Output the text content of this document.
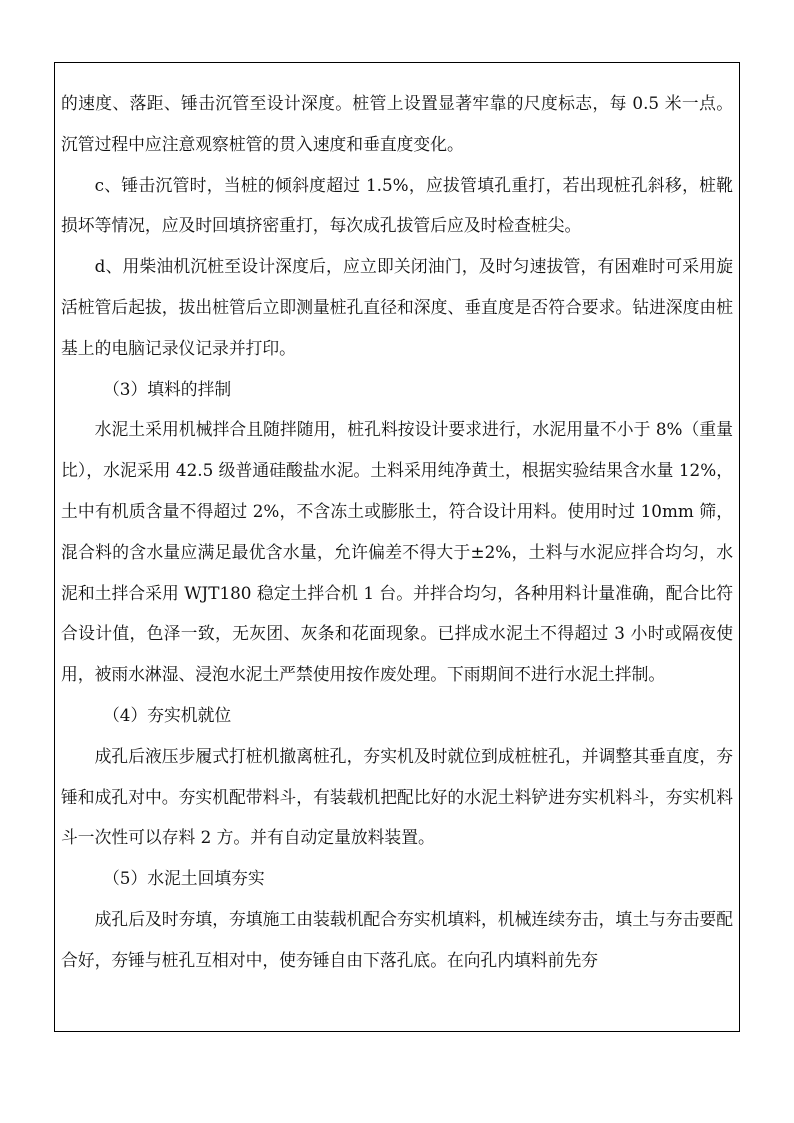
的速度、落距、锤击沉管至设计深度。桩管上设置显著牢靠的尺度标志，每 0.5 米一点。沉管过程中应注意观察桩管的贯入速度和垂直度变化。

c、锤击沉管时，当桩的倾斜度超过 1.5%，应拔管填孔重打，若出现桩孔斜移，桩靴损坏等情况，应及时回填挤密重打，每次成孔拔管后应及时检查桩尖。

d、用柴油机沉桩至设计深度后，应立即关闭油门，及时匀速拔管，有困难时可采用旋活桩管后起拔，拔出桩管后立即测量桩孔直径和深度、垂直度是否符合要求。钻进深度由桩基上的电脑记录仪记录并打印。

（3）填料的拌制

水泥土采用机械拌合且随拌随用，桩孔料按设计要求进行，水泥用量不小于 8%（重量比），水泥采用 42.5 级普通硅酸盐水泥。土料采用纯净黄土，根据实验结果含水量 12%，土中有机质含量不得超过 2%，不含冻土或膨胀土，符合设计用料。使用时过 10mm 筛，混合料的含水量应满足最优含水量，允许偏差不得大于±2%，土料与水泥应拌合均匀，水泥和土拌合采用 WJT180 稳定土拌合机 1 台。并拌合均匀，各种用料计量准确，配合比符合设计值，色泽一致，无灰团、灰条和花面现象。已拌成水泥土不得超过 3 小时或隔夜使用，被雨水淋湿、浸泡水泥土严禁使用按作废处理。下雨期间不进行水泥土拌制。

（4）夯实机就位

成孔后液压步履式打桩机撤离桩孔，夯实机及时就位到成桩桩孔，并调整其垂直度，夯锤和成孔对中。夯实机配带料斗，有装载机把配比好的水泥土料铲进夯实机料斗，夯实机料斗一次性可以存料 2 方。并有自动定量放料装置。

（5）水泥土回填夯实

成孔后及时夯填，夯填施工由装载机配合夯实机填料，机械连续夯击，填土与夯击要配合好，夯锤与桩孔互相对中，使夯锤自由下落孔底。在向孔内填料前先夯
